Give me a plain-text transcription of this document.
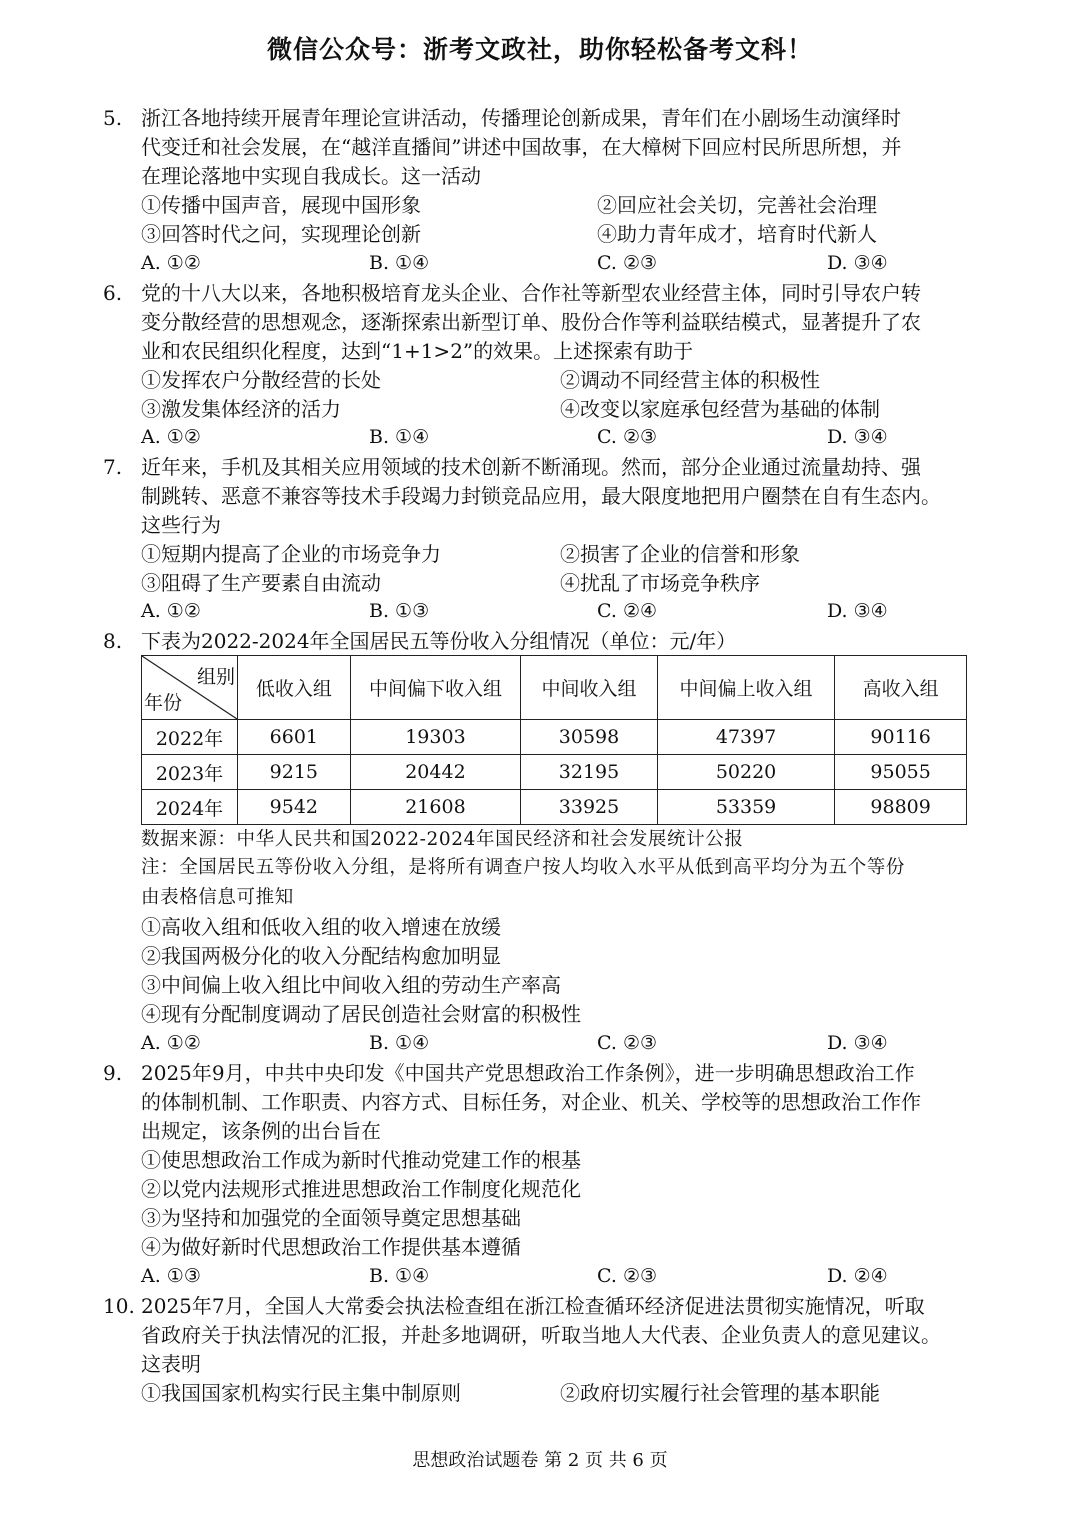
微信公众号：浙考文政社，助你轻松备考文科！
5. 浙江各地持续开展青年理论宣讲活动，传播理论创新成果，青年们在小剧场生动演绎时
代变迁和社会发展，在“越洋直播间”讲述中国故事，在大樟树下回应村民所思所想，并
在理论落地中实现自我成长。这一活动
①传播中国声音，展现中国形象	②回应社会关切，完善社会治理
③回答时代之问，实现理论创新	④助力青年成才，培育时代新人
A. ①②	B. ①④	C. ②③	D. ③④
6. 党的十八大以来，各地积极培育龙头企业、合作社等新型农业经营主体，同时引导农户转
变分散经营的思想观念，逐渐探索出新型订单、股份合作等利益联结模式，显著提升了农
业和农民组织化程度，达到“1+1>2”的效果。上述探索有助于
①发挥农户分散经营的长处	②调动不同经营主体的积极性
③激发集体经济的活力	④改变以家庭承包经营为基础的体制
A. ①②	B. ①④	C. ②③	D. ③④
7. 近年来，手机及其相关应用领域的技术创新不断涌现。然而，部分企业通过流量劫持、强
制跳转、恶意不兼容等技术手段竭力封锁竞品应用，最大限度地把用户圈禁在自有生态内。
这些行为
①短期内提高了企业的市场竞争力	②损害了企业的信誉和形象
③阻碍了生产要素自由流动	④扰乱了市场竞争秩序
A. ①②	B. ①③	C. ②④	D. ③④
8. 下表为2022-2024年全国居民五等份收入分组情况（单位：元/年）
组别
年份	低收入组	中间偏下收入组	中间收入组	中间偏上收入组	高收入组
2022年	6601	19303	30598	47397	90116
2023年	9215	20442	32195	50220	95055
2024年	9542	21608	33925	53359	98809
数据来源：中华人民共和国2022-2024年国民经济和社会发展统计公报
注：全国居民五等份收入分组，是将所有调查户按人均收入水平从低到高平均分为五个等份
由表格信息可推知
①高收入组和低收入组的收入增速在放缓
②我国两极分化的收入分配结构愈加明显
③中间偏上收入组比中间收入组的劳动生产率高
④现有分配制度调动了居民创造社会财富的积极性
A. ①②	B. ①④	C. ②③	D. ③④
9. 2025年9月，中共中央印发《中国共产党思想政治工作条例》，进一步明确思想政治工作
的体制机制、工作职责、内容方式、目标任务，对企业、机关、学校等的思想政治工作作
出规定，该条例的出台旨在
①使思想政治工作成为新时代推动党建工作的根基
②以党内法规形式推进思想政治工作制度化规范化
③为坚持和加强党的全面领导奠定思想基础
④为做好新时代思想政治工作提供基本遵循
A. ①③	B. ①④	C. ②③	D. ②④
10. 2025年7月，全国人大常委会执法检查组在浙江检查循环经济促进法贯彻实施情况，听取
省政府关于执法情况的汇报，并赴多地调研，听取当地人大代表、企业负责人的意见建议。
这表明
①我国国家机构实行民主集中制原则	②政府切实履行社会管理的基本职能
思想政治试题卷 第 2 页 共 6 页
